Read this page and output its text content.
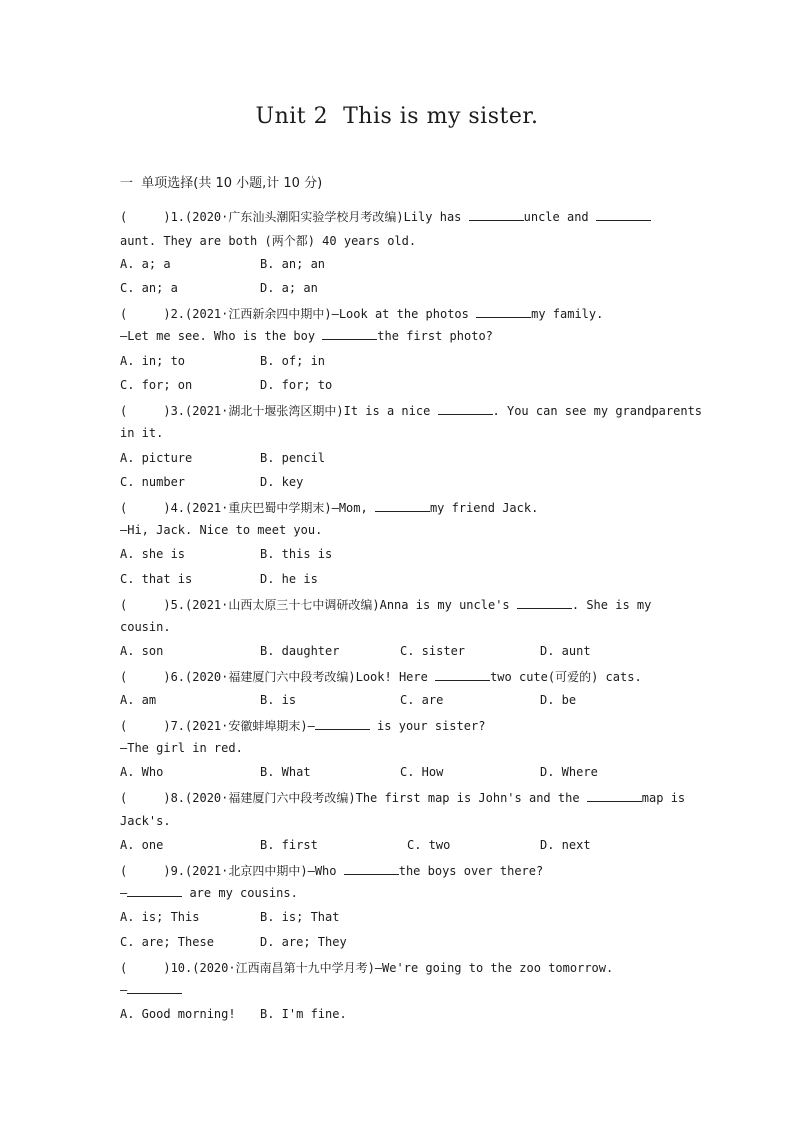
Unit 2  This is my sister.
一  单项选择(共 10 小题,计 10 分)
(     )1.(2020·广东汕头潮阳实验学校月考改编)Lily has	uncle and
aunt. They are both (两个都) 40 years old.
A. a; a	B. an; an
C. an; a	D. a; an
(     )2.(2021·江西新余四中期中)—Look at the photos	my family.
—Let me see. Who is the boy	the first photo?
A. in; to	B. of; in
C. for; on	D. for; to
(     )3.(2021·湖北十堰张湾区期中)It is a nice	. You can see my grandparents
in it.
A. picture	B. pencil
C. number	D. key
(     )4.(2021·重庆巴蜀中学期末)—Mom,	my friend Jack.
—Hi, Jack. Nice to meet you.
A. she is	B. this is
C. that is	D. he is
(     )5.(2021·山西太原三十七中调研改编)Anna is my uncle's	. She is my
cousin.
A. son	B. daughter	C. sister	D. aunt
(     )6.(2020·福建厦门六中段考改编)Look! Here	two cute(可爱的) cats.
A. am	B. is	C. are	D. be
(     )7.(2021·安徽蚌埠期末)—	is your sister?
—The girl in red.
A. Who	B. What	C. How	D. Where
(     )8.(2020·福建厦门六中段考改编)The first map is John's and the	map is
Jack's.
A. one	B. first	C. two	D. next
(     )9.(2021·北京四中期中)—Who	the boys over there?
—	are my cousins.
A. is; This	B. is; That
C. are; These	D. are; They
(     )10.(2020·江西南昌第十九中学月考)—We're going to the zoo tomorrow.
—
A. Good morning! B. I'm fine.
